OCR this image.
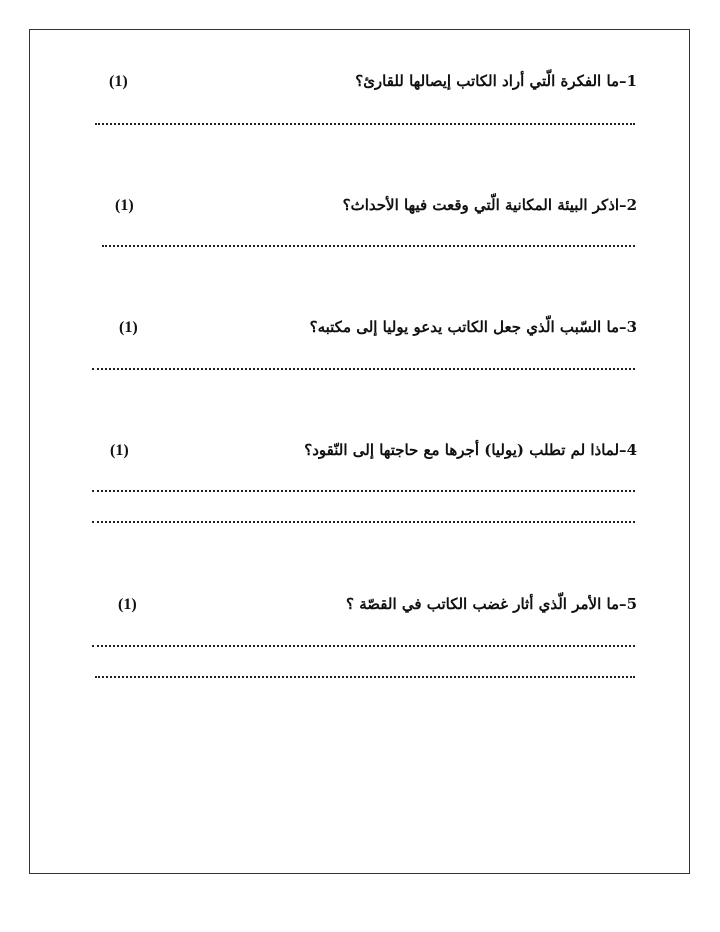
1–ما الفكرة الّتي أراد الكاتب إيصالها للقارئ؟
(1)
2–اذكر البيئة المكانية الّتي وقعت فيها الأحداث؟
(1)
3–ما السّبب الّذي جعل الكاتب يدعو يوليا إلى مكتبه؟
(1)
4–لماذا لم تطلب (يوليا) أجرها مع حاجتها إلى النّقود؟
(1)
5–ما الأمر الّذي أثار غضب الكاتب في القصّة ؟
(1)
